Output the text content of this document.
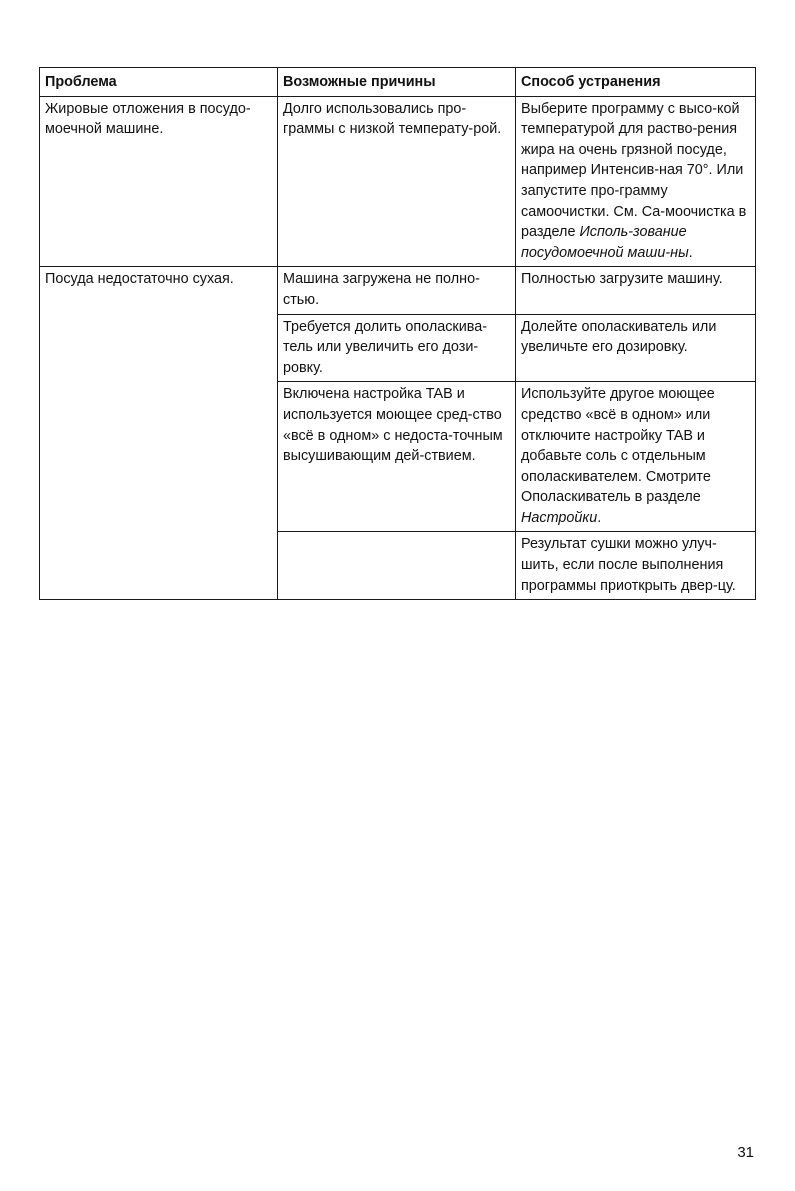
Проблема	Возможные причины	Способ устранения
Жировые отложения в посудо-моечной машине.	Долго использовались про-граммы с низкой температу-рой.	Выберите программу с высо-кой температурой для раство-рения жира на очень грязной посуде, например Интенсив-ная 70°. Или запустите про-грамму самоочистки. См. Са-моочистка в разделе Исполь-зование посудомоечной маши-ны.
Посуда недостаточно сухая.	Машина загружена не полно-стью.	Полностью загрузите машину.
	Требуется долить ополаскива-тель или увеличить его дози-ровку.	Долейте ополаскиватель или увеличьте его дозировку.
	Включена настройка TAB и используется моющее сред-ство «всё в одном» с недоста-точным высушивающим дей-ствием.	Используйте другое моющее средство «всё в одном» или отключите настройку TAB и добавьте соль с отдельным ополаскивателем. Смотрите Ополаскиватель в разделе Настройки.
		Результат сушки можно улуч-шить, если после выполнения программы приоткрыть двер-цу.
31
